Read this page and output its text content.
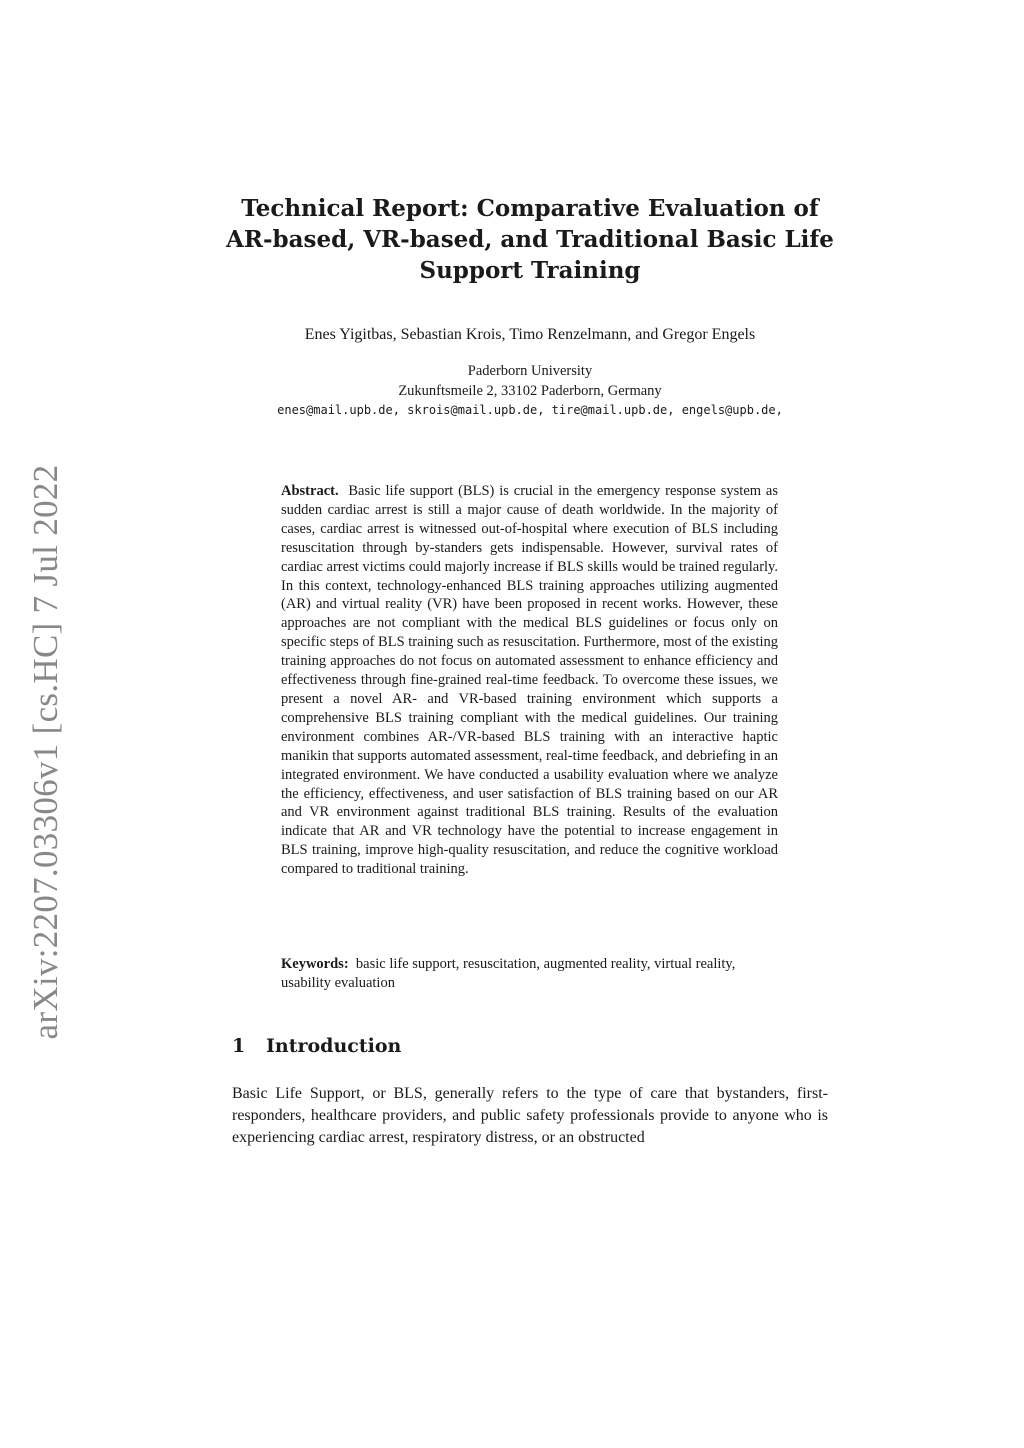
arXiv:2207.03306v1 [cs.HC] 7 Jul 2022
Technical Report: Comparative Evaluation of
AR-based, VR-based, and Traditional Basic Life
Support Training
Enes Yigitbas, Sebastian Krois, Timo Renzelmann, and Gregor Engels
Paderborn University
Zukunftsmeile 2, 33102 Paderborn, Germany
enes@mail.upb.de, skrois@mail.upb.de, tire@mail.upb.de, engels@upb.de,
Abstract. Basic life support (BLS) is crucial in the emergency response system as sudden cardiac arrest is still a major cause of death worldwide. In the majority of cases, cardiac arrest is witnessed out-of-hospital where execution of BLS including resuscitation through by-standers gets indispensable. However, survival rates of cardiac arrest victims could majorly increase if BLS skills would be trained regularly. In this context, technology-enhanced BLS training approaches utilizing augmented (AR) and virtual reality (VR) have been proposed in recent works. However, these approaches are not compliant with the medical BLS guidelines or focus only on specific steps of BLS training such as resuscitation. Furthermore, most of the existing training approaches do not focus on automated assessment to enhance efficiency and effectiveness through fine-grained real-time feedback. To overcome these issues, we present a novel AR- and VR-based training environment which supports a comprehensive BLS training compliant with the medical guidelines. Our training environment combines AR-/VR-based BLS training with an interactive haptic manikin that supports automated assessment, real-time feedback, and debriefing in an integrated environment. We have conducted a usability evaluation where we analyze the efficiency, effectiveness, and user satisfaction of BLS training based on our AR and VR environment against traditional BLS training. Results of the evaluation indicate that AR and VR technology have the potential to increase engagement in BLS training, improve high-quality resuscitation, and reduce the cognitive workload compared to traditional training.
Keywords: basic life support, resuscitation, augmented reality, virtual reality, usability evaluation
1 Introduction
Basic Life Support, or BLS, generally refers to the type of care that bystanders, first-responders, healthcare providers, and public safety professionals provide to anyone who is experiencing cardiac arrest, respiratory distress, or an obstructed
